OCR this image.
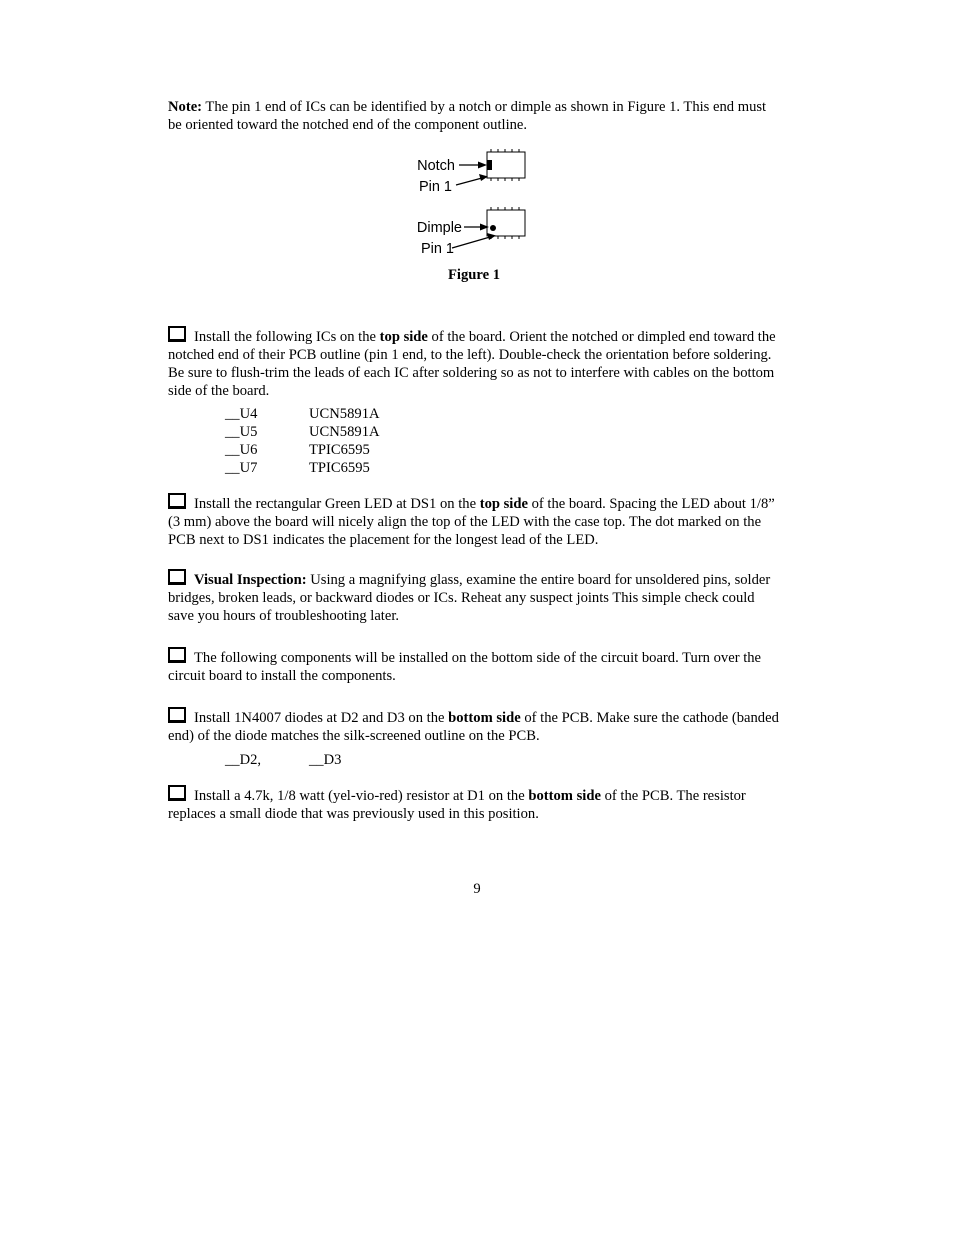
Note: The pin 1 end of ICs can be identified by a notch or dimple as shown in Figure 1. This end must be oriented toward the notched end of the component outline.

Notch
Pin 1
Dimple
Pin 1
Figure 1

Install the following ICs on the top side of the board. Orient the notched or dimpled end toward the notched end of their PCB outline (pin 1 end, to the left). Double-check the orientation before soldering. Be sure to flush-trim the leads of each IC after soldering so as not to interfere with cables on the bottom side of the board.

__U4	UCN5891A
__U5	UCN5891A
__U6	TPIC6595
__U7	TPIC6595

Install the rectangular Green LED at DS1 on the top side of the board. Spacing the LED about 1/8” (3 mm) above the board will nicely align the top of the LED with the case top. The dot marked on the PCB next to DS1 indicates the placement for the longest lead of the LED.

Visual Inspection: Using a magnifying glass, examine the entire board for unsoldered pins, solder bridges, broken leads, or backward diodes or ICs. Reheat any suspect joints This simple check could save you hours of troubleshooting later.

The following components will be installed on the bottom side of the circuit board. Turn over the circuit board to install the components.

Install 1N4007 diodes at D2 and D3 on the bottom side of the PCB. Make sure the cathode (banded end) of the diode matches the silk-screened outline on the PCB.

__D2,	__D3

Install a 4.7k, 1/8 watt (yel-vio-red) resistor at D1 on the bottom side of the PCB. The resistor replaces a small diode that was previously used in this position.

9
